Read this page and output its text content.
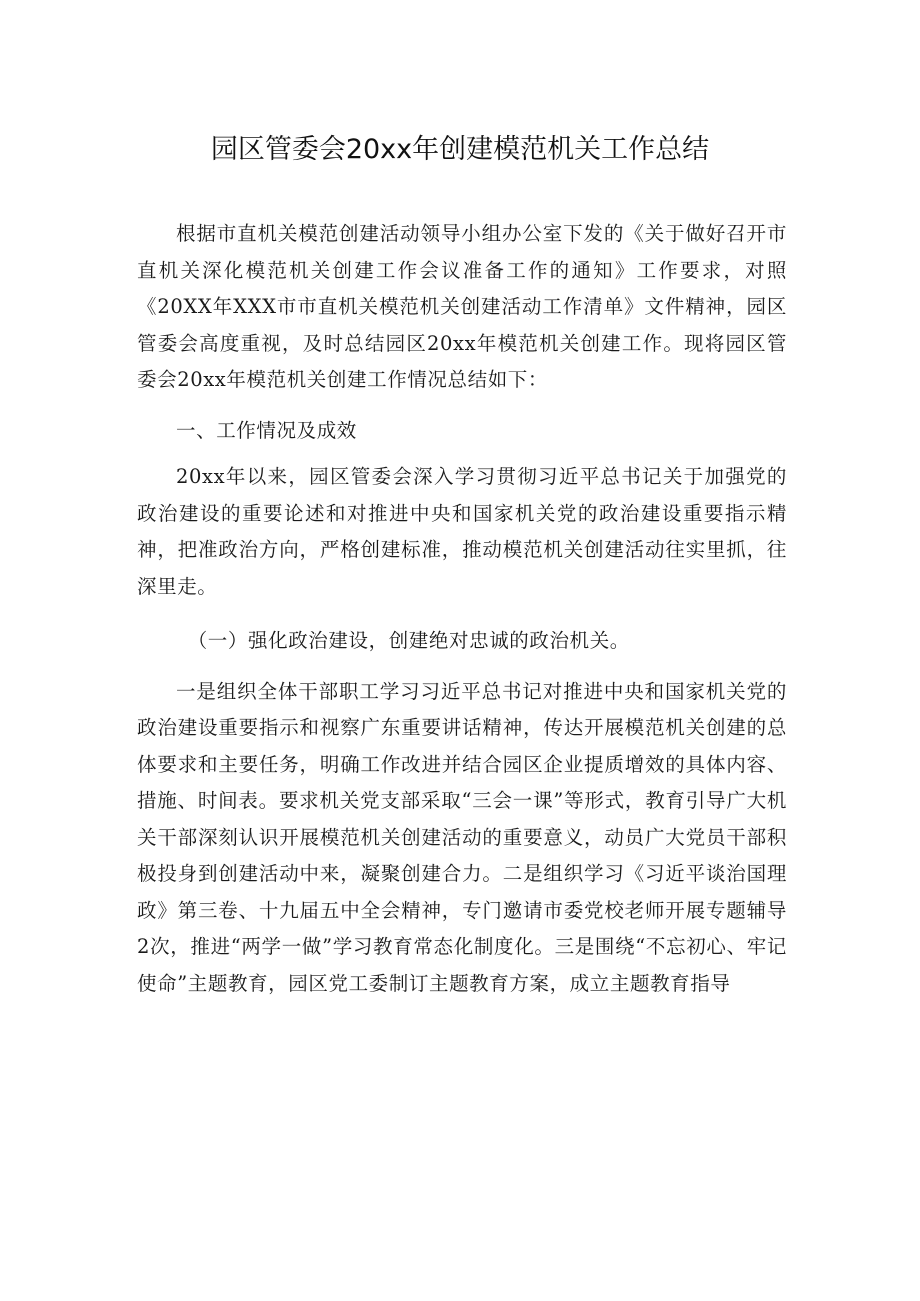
园区管委会20xx年创建模范机关工作总结

根据市直机关模范创建活动领导小组办公室下发的《关于做好召开市直机关深化模范机关创建工作会议准备工作的通知》工作要求，对照《20XX年XXX市市直机关模范机关创建活动工作清单》文件精神，园区管委会高度重视，及时总结园区20xx年模范机关创建工作。现将园区管委会20xx年模范机关创建工作情况总结如下：

一、工作情况及成效

20xx年以来，园区管委会深入学习贯彻习近平总书记关于加强党的政治建设的重要论述和对推进中央和国家机关党的政治建设重要指示精神，把准政治方向，严格创建标准，推动模范机关创建活动往实里抓，往深里走。

（一）强化政治建设，创建绝对忠诚的政治机关。

一是组织全体干部职工学习习近平总书记对推进中央和国家机关党的政治建设重要指示和视察广东重要讲话精神，传达开展模范机关创建的总体要求和主要任务，明确工作改进并结合园区企业提质增效的具体内容、措施、时间表。要求机关党支部采取“三会一课”等形式，教育引导广大机关干部深刻认识开展模范机关创建活动的重要意义，动员广大党员干部积极投身到创建活动中来，凝聚创建合力。二是组织学习《习近平谈治国理政》第三卷、十九届五中全会精神，专门邀请市委党校老师开展专题辅导2次，推进“两学一做”学习教育常态化制度化。三是围绕“不忘初心、牢记使命”主题教育，园区党工委制订主题教育方案，成立主题教育指导
